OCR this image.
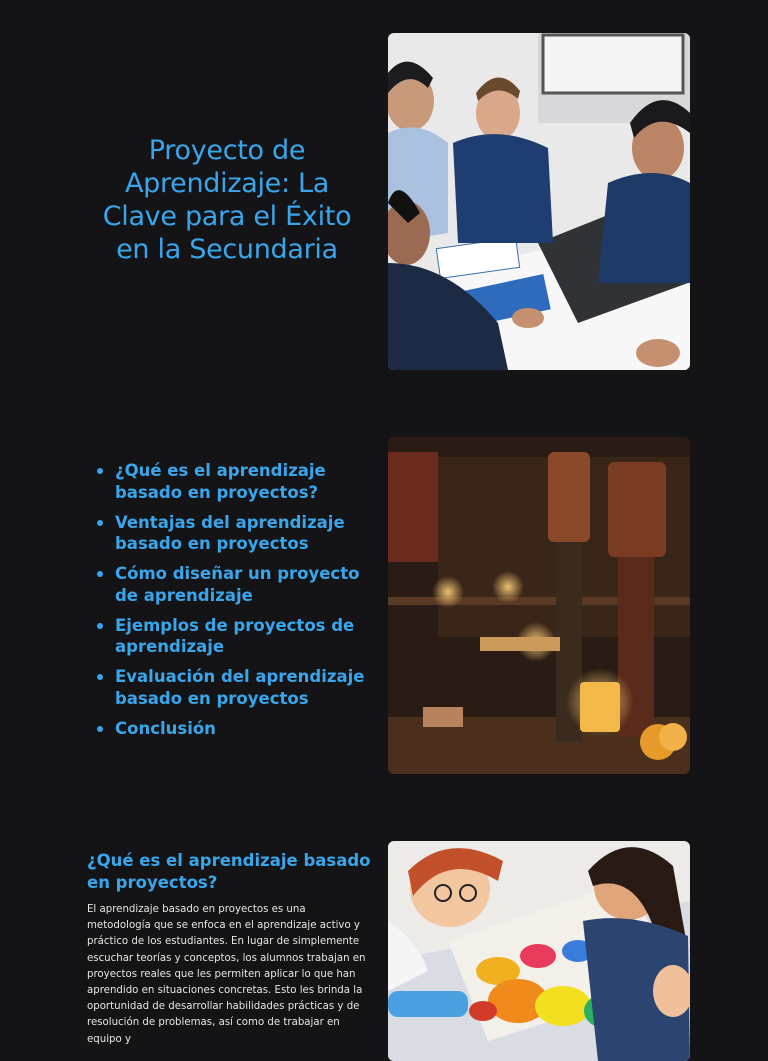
Proyecto de Aprendizaje: La Clave para el Éxito en la Secundaria
¿Qué es el aprendizaje basado en proyectos?
Ventajas del aprendizaje basado en proyectos
Cómo diseñar un proyecto de aprendizaje
Ejemplos de proyectos de aprendizaje
Evaluación del aprendizaje basado en proyectos
Conclusión
¿Qué es el aprendizaje basado en proyectos?

El aprendizaje basado en proyectos es una metodología que se enfoca en el aprendizaje activo y práctico de los estudiantes. En lugar de simplemente escuchar teorías y conceptos, los alumnos trabajan en proyectos reales que les permiten aplicar lo que han aprendido en situaciones concretas. Esto les brinda la oportunidad de desarrollar habilidades prácticas y de resolución de problemas, así como de trabajar en equipo y
